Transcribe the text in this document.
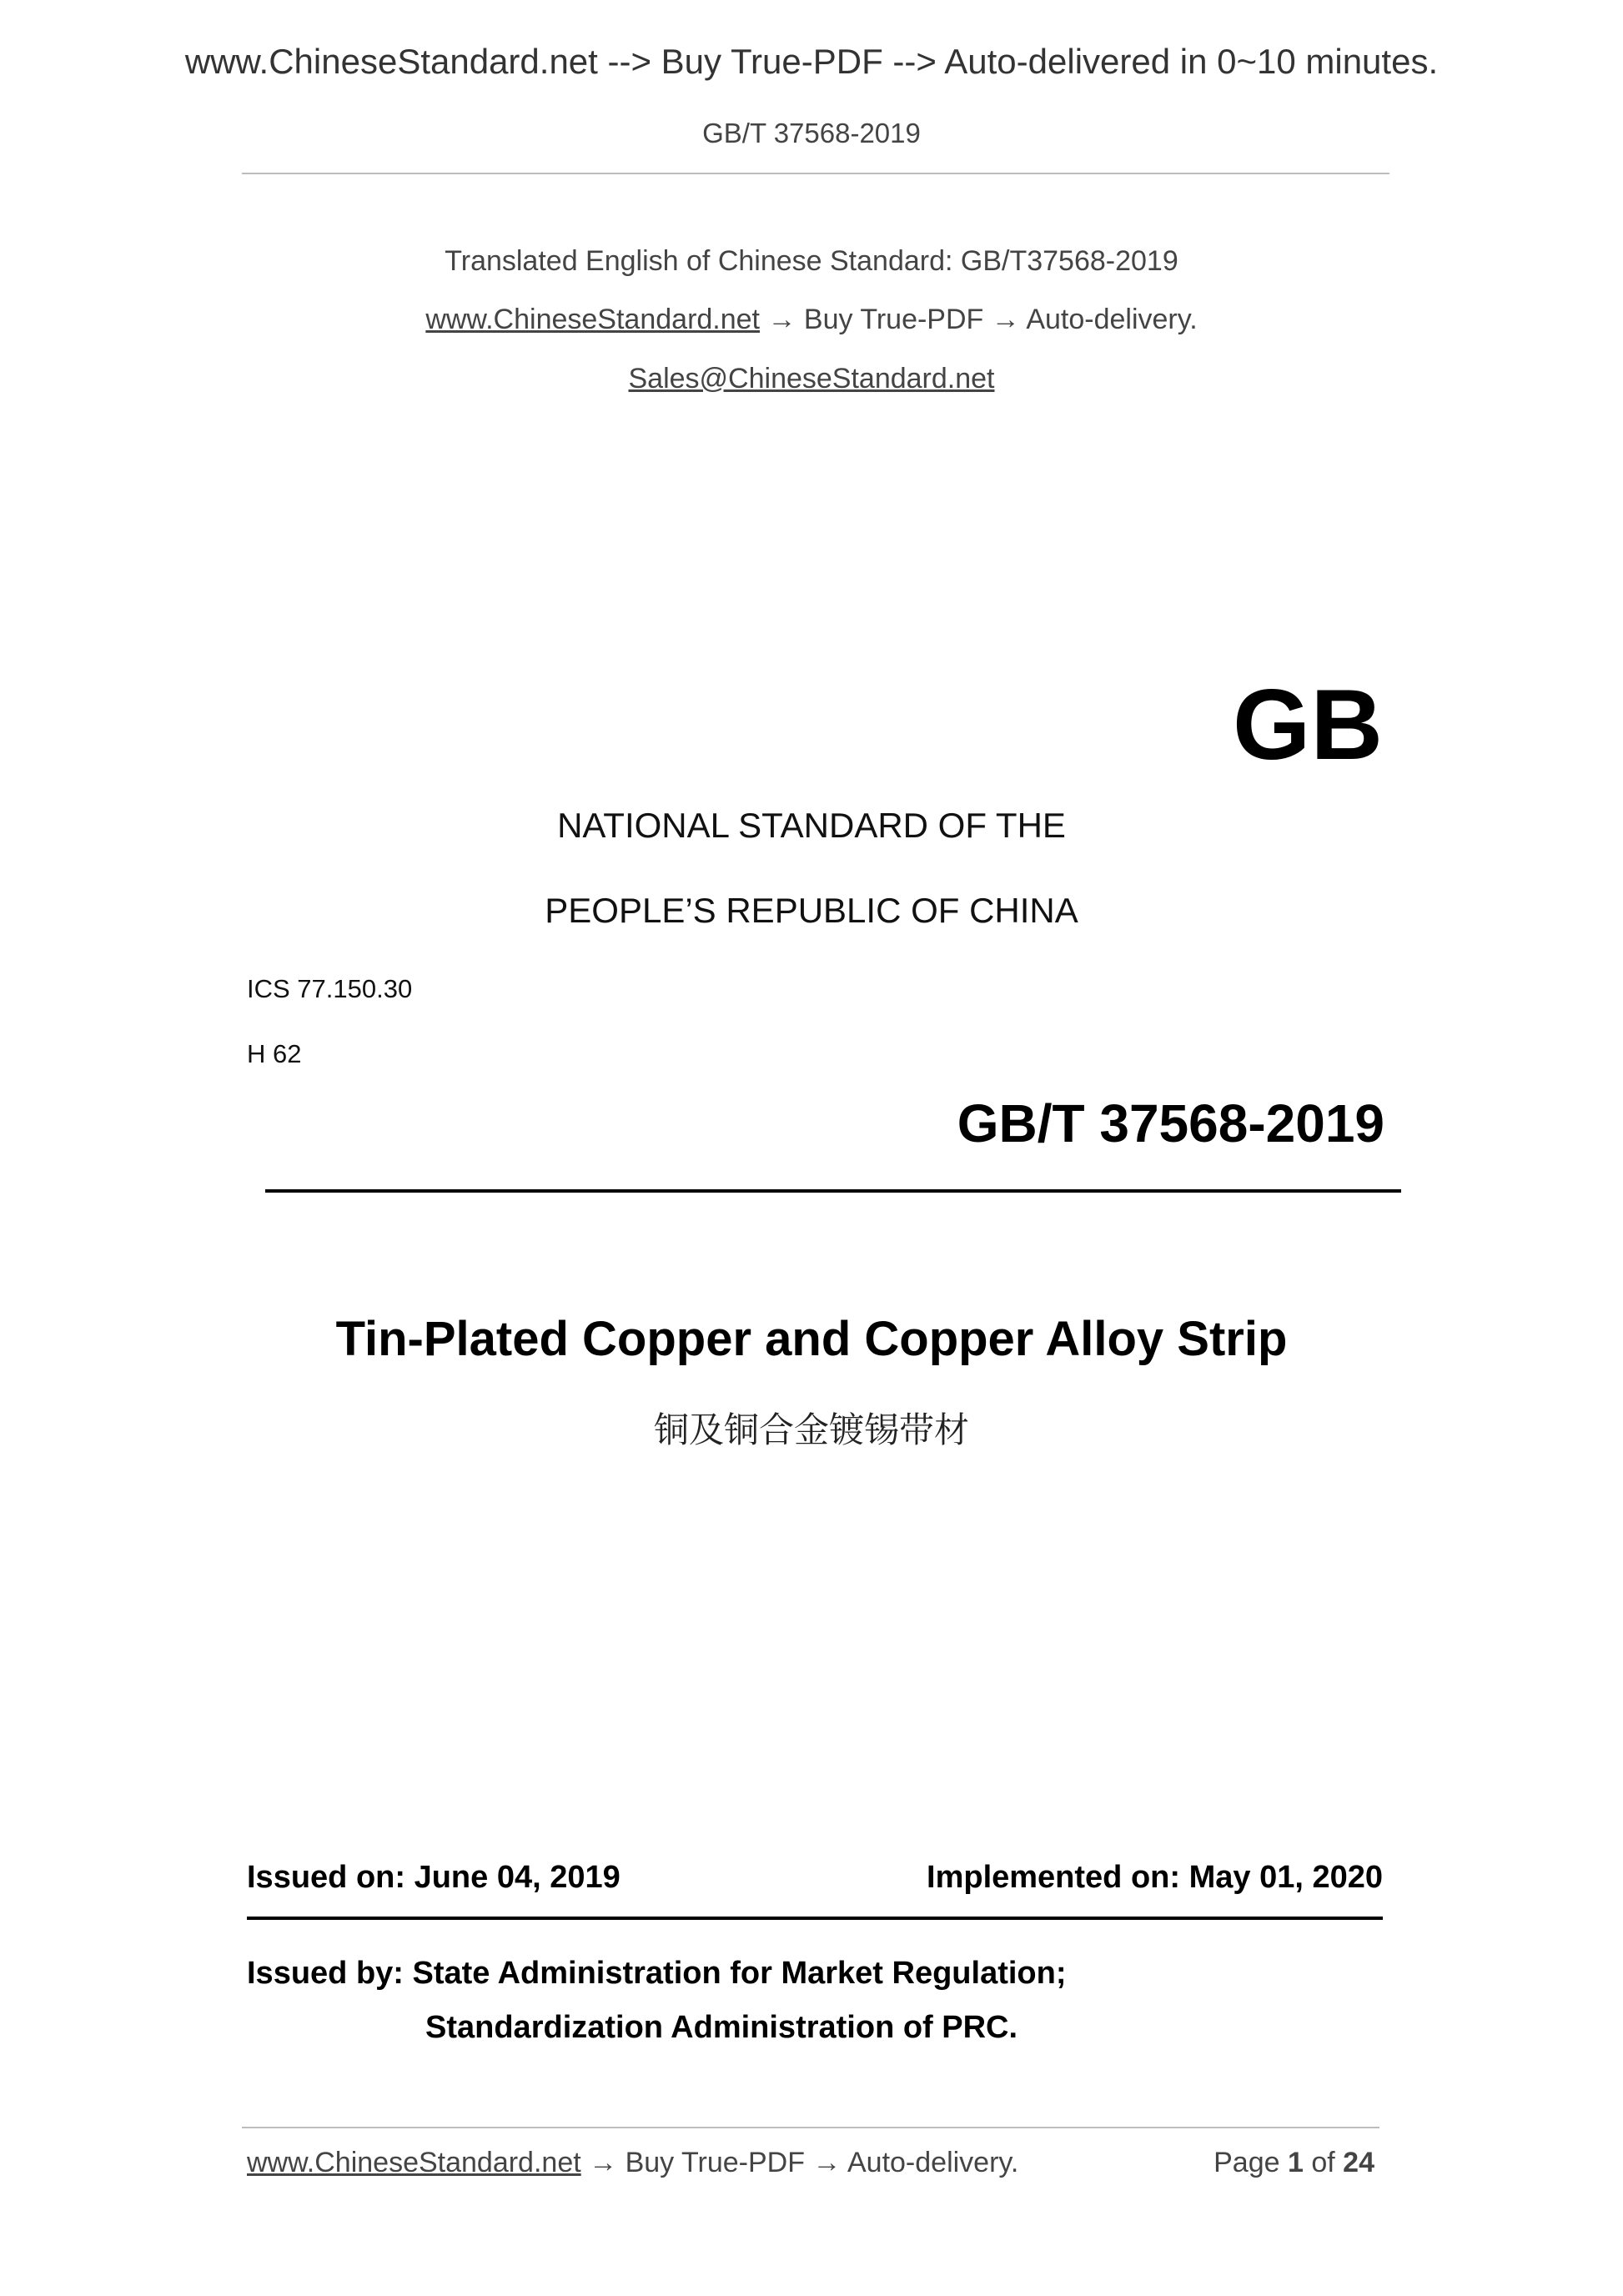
www.ChineseStandard.net --> Buy True-PDF --> Auto-delivered in 0~10 minutes.
GB/T 37568-2019
Translated English of Chinese Standard: GB/T37568-2019
www.ChineseStandard.net → Buy True-PDF → Auto-delivery.
Sales@ChineseStandard.net
GB
NATIONAL STANDARD OF THE
PEOPLE’S REPUBLIC OF CHINA
ICS 77.150.30
H 62
GB/T 37568-2019
Tin-Plated Copper and Copper Alloy Strip
铜及铜合金镀锡带材
Issued on: June 04, 2019	Implemented on: May 01, 2020
Issued by: State Administration for Market Regulation;
Standardization Administration of PRC.
www.ChineseStandard.net → Buy True-PDF → Auto-delivery.	Page 1 of 24
